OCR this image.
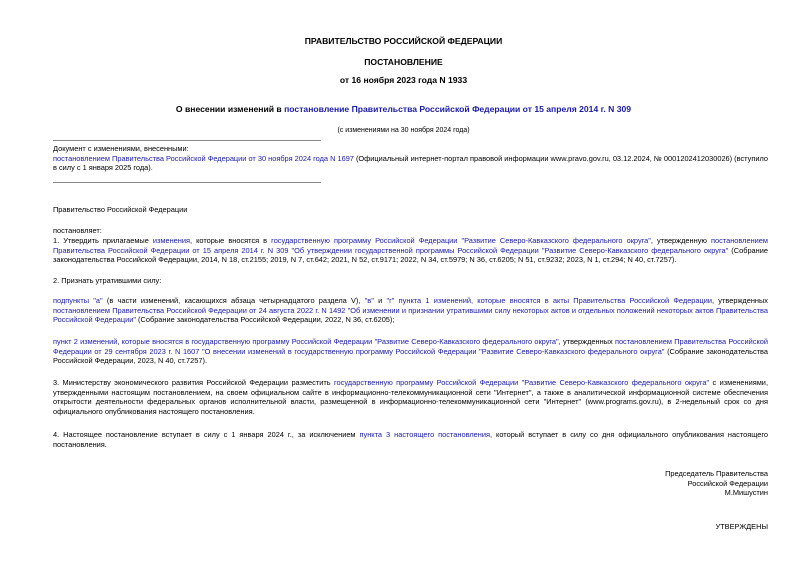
ПРАВИТЕЛЬСТВО РОССИЙСКОЙ ФЕДЕРАЦИИ
ПОСТАНОВЛЕНИЕ
от 16 ноября 2023 года N 1933
О внесении изменений в постановление Правительства Российской Федерации от 15 апреля 2014 г. N 309
(с изменениями на 30 ноября 2024 года)

Документ с изменениями, внесенными:

постановлением Правительства Российской Федерации от 30 ноября 2024 года N 1697 (Официальный интернет-портал правовой информации www.pravo.gov.ru, 03.12.2024, № 0001202412030026) (вступило в силу с 1 января 2025 года).

Правительство Российской Федерации
постановляет:

1. Утвердить прилагаемые изменения, которые вносятся в государственную программу Российской Федерации "Развитие Северо-Кавказского федерального округа", утвержденную постановлением Правительства Российской Федерации от 15 апреля 2014 г. N 309 "Об утверждении государственной программы Российской Федерации "Развитие Северо-Кавказского федерального округа" (Собрание законодательства Российской Федерации, 2014, N 18, ст.2155; 2019, N 7, ст.642; 2021, N 52, ст.9171; 2022, N 34, ст.5979; N 36, ст.6205; N 51, ст.9232; 2023, N 1, ст.294; N 40, ст.7257).

2. Признать утратившими силу:

подпункты "а" (в части изменений, касающихся абзаца четырнадцатого раздела V), "в" и "г" пункта 1 изменений, которые вносятся в акты Правительства Российской Федерации, утвержденных постановлением Правительства Российской Федерации от 24 августа 2022 г. N 1492 "Об изменении и признании утратившими силу некоторых актов и отдельных положений некоторых актов Правительства Российской Федерации" (Собрание законодательства Российской Федерации, 2022, N 36, ст.6205);

пункт 2 изменений, которые вносятся в государственную программу Российской Федерации "Развитие Северо-Кавказского федерального округа", утвержденных постановлением Правительства Российской Федерации от 29 сентября 2023 г. N 1607 "О внесении изменений в государственную программу Российской Федерации "Развитие Северо-Кавказского федерального округа" (Собрание законодательства Российской Федерации, 2023, N 40, ст.7257).

3. Министерству экономического развития Российской Федерации разместить государственную программу Российской Федерации "Развитие Северо-Кавказского федерального округа" с изменениями, утвержденными настоящим постановлением, на своем официальном сайте в информационно-телекоммуникационной сети "Интернет", а также в аналитической информационной системе обеспечения открытости деятельности федеральных органов исполнительной власти, размещенной в информационно-телекоммуникационной сети "Интернет" (www.programs.gov.ru), в 2-недельный срок со дня официального опубликования настоящего постановления.

4. Настоящее постановление вступает в силу с 1 января 2024 г., за исключением пункта 3 настоящего постановления, который вступает в силу со дня официального опубликования настоящего постановления.

Председатель Правительства
Российской Федерации
М.Мишустин
УТВЕРЖДЕНЫ
